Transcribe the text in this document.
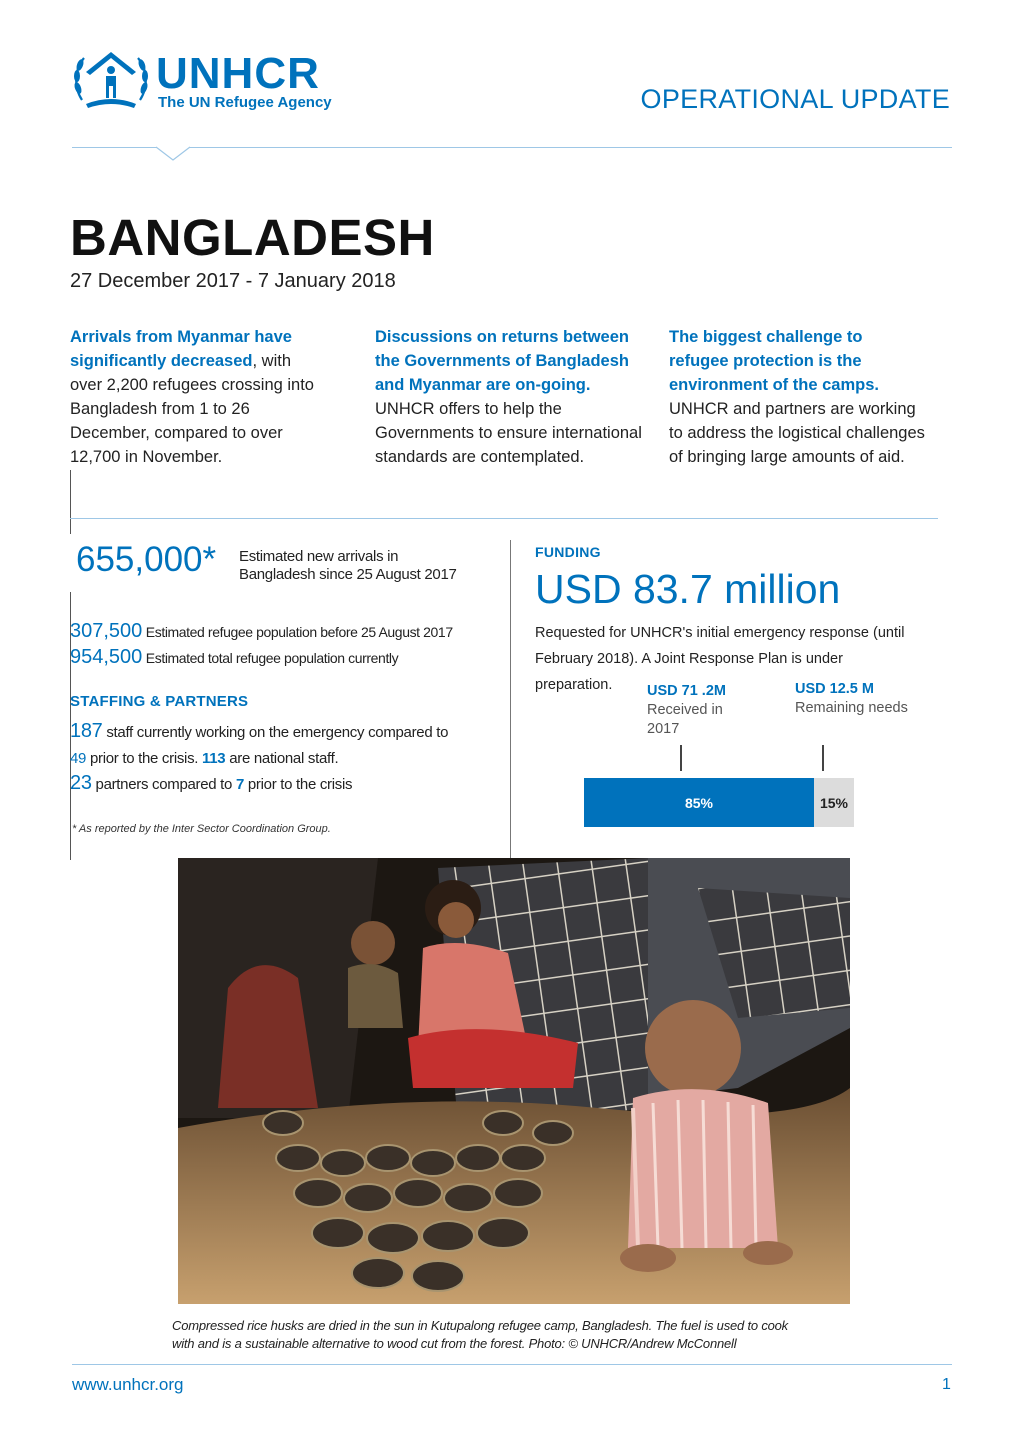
UNHCR
The UN Refugee Agency	OPERATIONAL UPDATE
BANGLADESH
27 December 2017 - 7 January 2018
Arrivals from Myanmar have
significantly decreased, with
over 2,200 refugees crossing into
Bangladesh from 1 to 26
December, compared to over
12,700 in November.
Discussions on returns between
the Governments of Bangladesh
and Myanmar are on-going.
UNHCR offers to help the
Governments to ensure international
standards are contemplated.
The biggest challenge to
refugee protection is the
environment of the camps.
UNHCR and partners are working
to address the logistical challenges
of bringing large amounts of aid.
655,000* Estimated new arrivals in
Bangladesh since 25 August 2017
307,500 Estimated refugee population before 25 August 2017
954,500 Estimated total refugee population currently
STAFFING & PARTNERS
187 staff currently working on the emergency compared to
49 prior to the crisis. 113 are national staff.
23 partners compared to 7 prior to the crisis
* As reported by the Inter Sector Coordination Group.
FUNDING
USD 83.7 million
Requested for UNHCR's initial emergency response (until
February 2018). A Joint Response Plan is under
preparation.	USD 71 .2M
Received in
2017
USD 12.5 M
Remaining needs
85%	15%
Compressed rice husks are dried in the sun in Kutupalong refugee camp, Bangladesh. The fuel is used to cook
with and is a sustainable alternative to wood cut from the forest. Photo: © UNHCR/Andrew McConnell
www.unhcr.org	1
